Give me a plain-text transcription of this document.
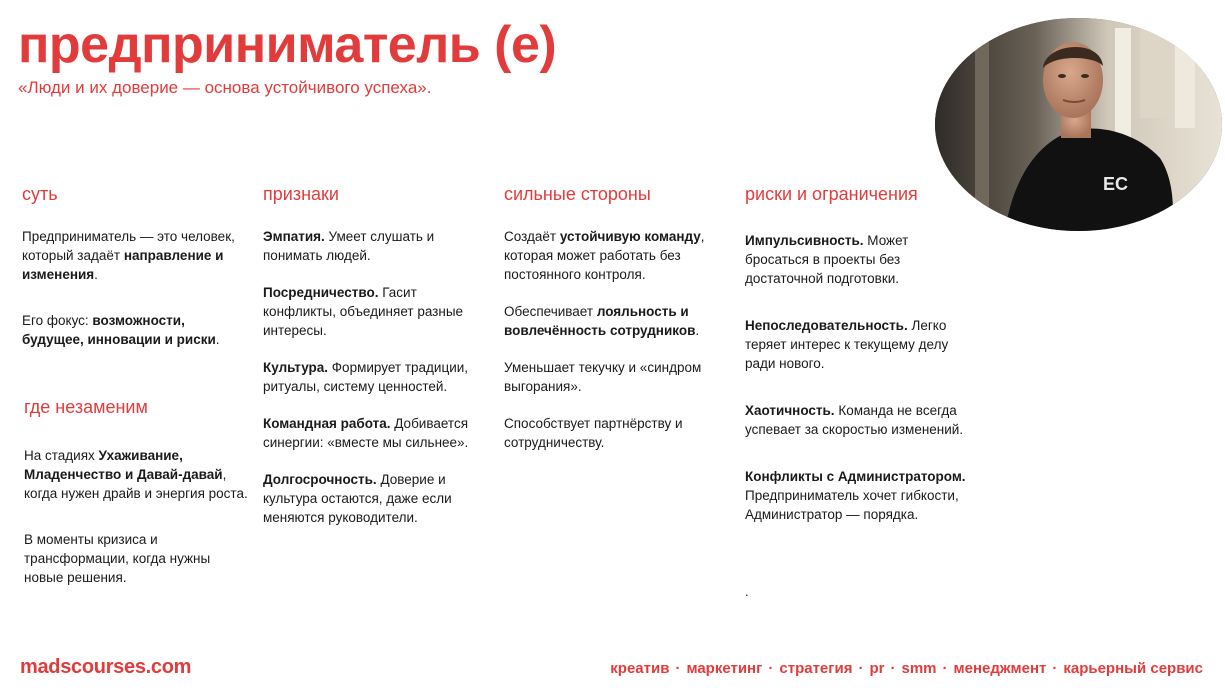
предприниматель (е)

«Люди и их доверие — основа устойчивого успеха».

EC
суть

Предприниматель — это человек, который задаёт направление и изменения.

Его фокус: возможности, будущее, инновации и риски.

где незаменим

На стадиях Ухаживание, Младенчество и Давай-давай, когда нужен драйв и энергия роста.

В моменты кризиса и трансформации, когда нужны новые решения.

признаки

Эмпатия. Умеет слушать и понимать людей.

Посредничество. Гасит конфликты, объединяет разные интересы.

Культура. Формирует традиции, ритуалы, систему ценностей.

Командная работа. Добивается синергии: «вместе мы сильнее».

Долгосрочность. Доверие и культура остаются, даже если меняются руководители.

сильные стороны

Создаёт устойчивую команду, которая может работать без постоянного контроля.

Обеспечивает лояльность и вовлечённость сотрудников.

Уменьшает текучку и «синдром выгорания».

Способствует партнёрству и сотрудничеству.

риски и ограничения

Импульсивность. Может бросаться в проекты без достаточной подготовки.

Непоследовательность. Легко теряет интерес к текущему делу ради нового.

Хаотичность. Команда не всегда успевает за скоростью изменений.

Конфликты с Администратором. Предприниматель хочет гибкости, Администратор — порядка.

.

madscourses.com	креатив · маркетинг · стратегия · pr · smm · менеджмент · карьерный сервис
